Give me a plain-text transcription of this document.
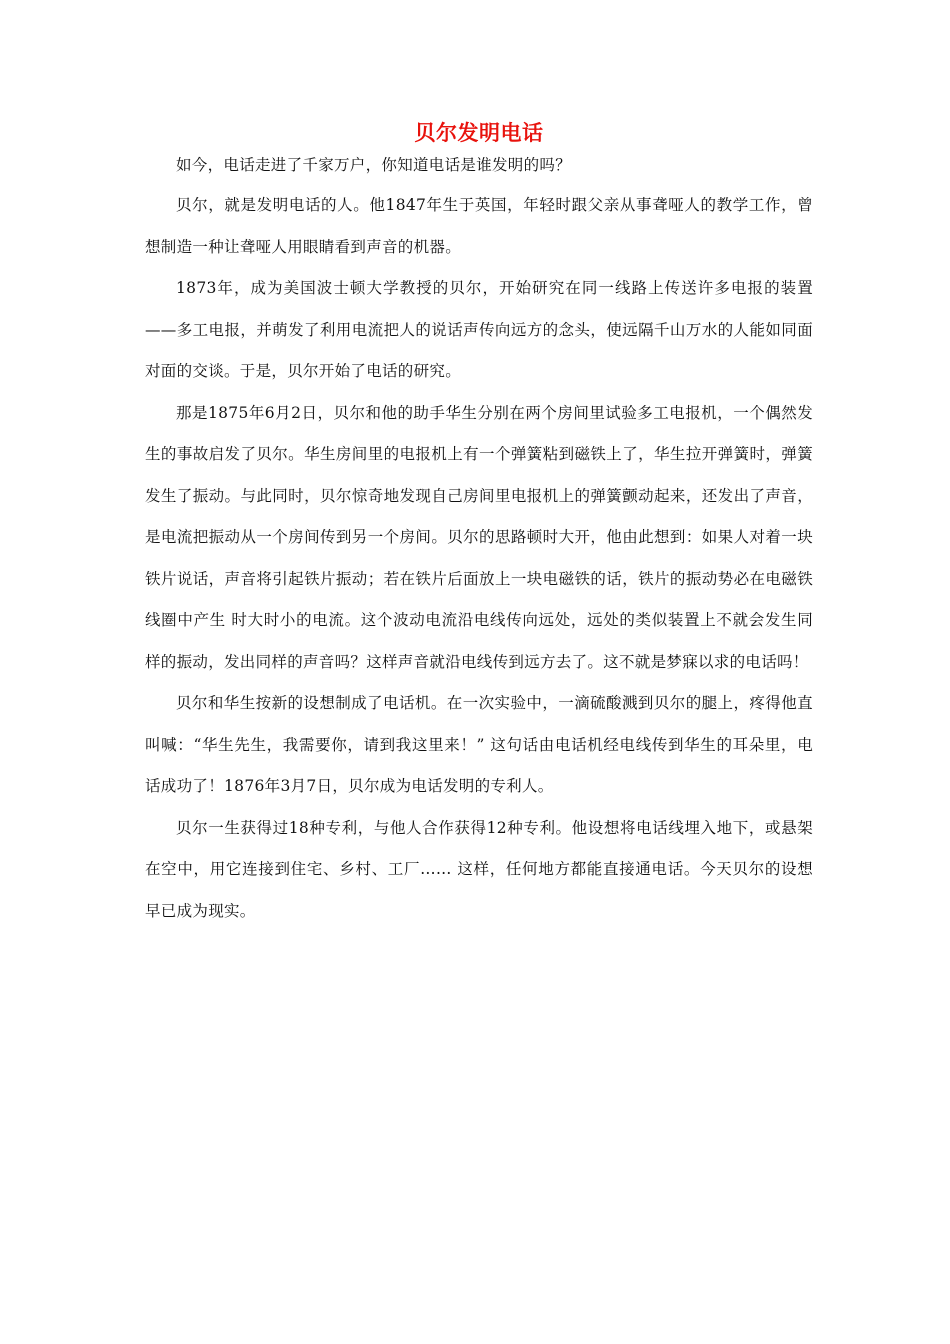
贝尔发明电话

如今，电话走进了千家万户，你知道电话是谁发明的吗？

贝尔，就是发明电话的人。他1847年生于英国，年轻时跟父亲从事聋哑人的教学工作，曾想制造一种让聋哑人用眼睛看到声音的机器。

1873年，成为美国波士顿大学教授的贝尔，开始研究在同一线路上传送许多电报的装置——多工电报，并萌发了利用电流把人的说话声传向远方的念头，使远隔千山万水的人能如同面对面的交谈。于是，贝尔开始了电话的研究。

那是1875年6月2日，贝尔和他的助手华生分别在两个房间里试验多工电报机，一个偶然发生的事故启发了贝尔。华生房间里的电报机上有一个弹簧粘到磁铁上了，华生拉开弹簧时，弹簧发生了振动。与此同时，贝尔惊奇地发现自己房间里电报机上的弹簧颤动起来，还发出了声音，是电流把振动从一个房间传到另一个房间。贝尔的思路顿时大开，他由此想到：如果人对着一块铁片说话，声音将引起铁片振动；若在铁片后面放上一块电磁铁的话，铁片的振动势必在电磁铁线圈中产生 时大时小的电流。这个波动电流沿电线传向远处，远处的类似装置上不就会发生同样的振动，发出同样的声音吗？这样声音就沿电线传到远方去了。这不就是梦寐以求的电话吗！

贝尔和华生按新的设想制成了电话机。在一次实验中，一滴硫酸溅到贝尔的腿上，疼得他直叫喊：“华生先生，我需要你，请到我这里来！” 这句话由电话机经电线传到华生的耳朵里，电话成功了！1876年3月7日，贝尔成为电话发明的专利人。

贝尔一生获得过18种专利，与他人合作获得12种专利。他设想将电话线埋入地下，或悬架在空中，用它连接到住宅、乡村、工厂…… 这样，任何地方都能直接通电话。今天贝尔的设想早已成为现实。
